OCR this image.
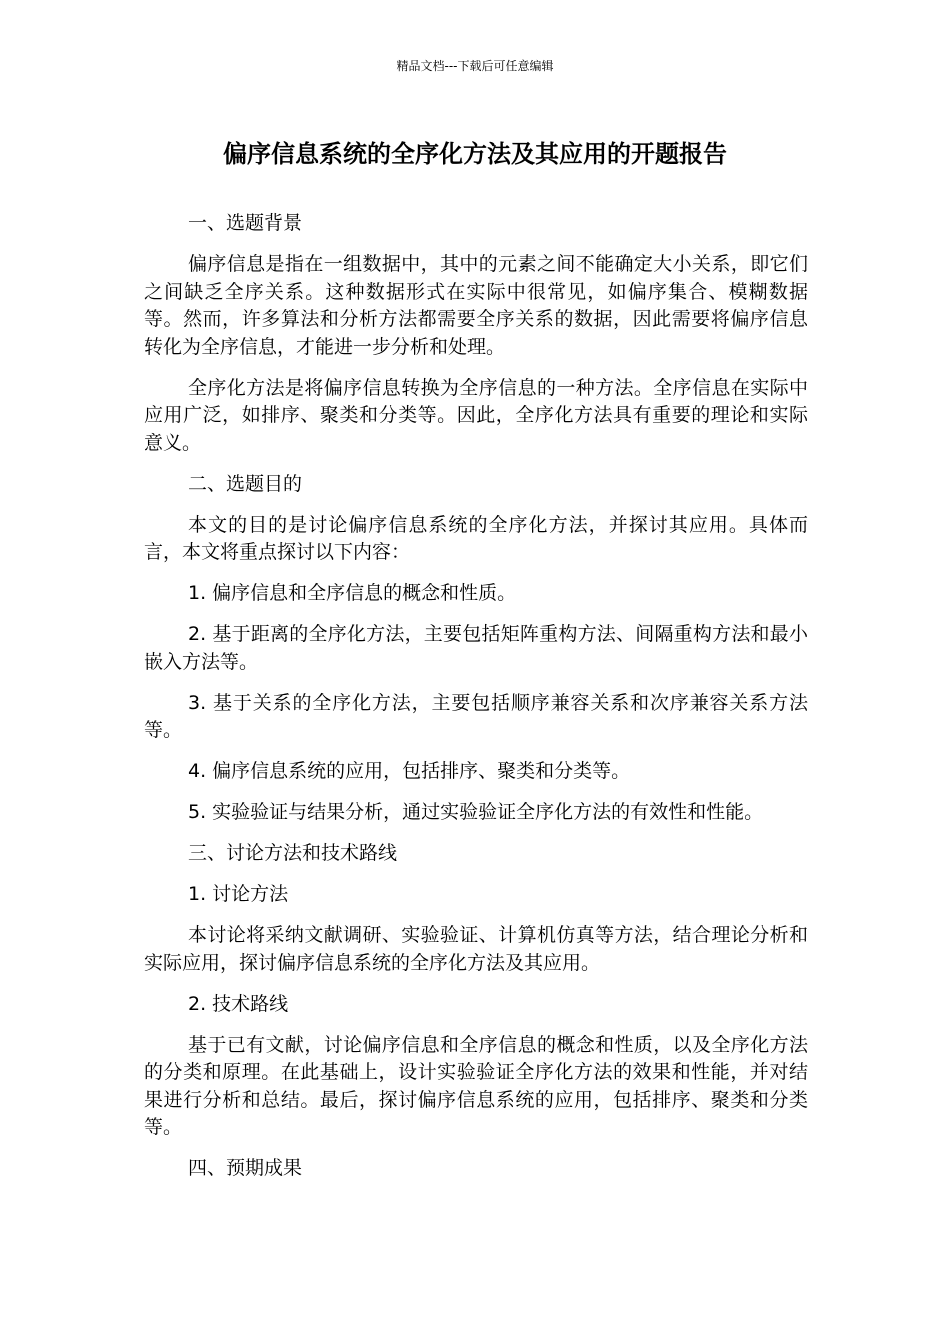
精品文档---下载后可任意编辑
偏序信息系统的全序化方法及其应用的开题报告

一、选题背景

偏序信息是指在一组数据中，其中的元素之间不能确定大小关系，即它们之间缺乏全序关系。这种数据形式在实际中很常见，如偏序集合、模糊数据等。然而，许多算法和分析方法都需要全序关系的数据，因此需要将偏序信息转化为全序信息，才能进一步分析和处理。

全序化方法是将偏序信息转换为全序信息的一种方法。全序信息在实际中应用广泛，如排序、聚类和分类等。因此，全序化方法具有重要的理论和实际意义。

二、选题目的

本文的目的是讨论偏序信息系统的全序化方法，并探讨其应用。具体而言，本文将重点探讨以下内容：

1. 偏序信息和全序信息的概念和性质。

2. 基于距离的全序化方法，主要包括矩阵重构方法、间隔重构方法和最小嵌入方法等。

3. 基于关系的全序化方法，主要包括顺序兼容关系和次序兼容关系方法等。

4. 偏序信息系统的应用，包括排序、聚类和分类等。

5. 实验验证与结果分析，通过实验验证全序化方法的有效性和性能。

三、讨论方法和技术路线

1. 讨论方法

本讨论将采纳文献调研、实验验证、计算机仿真等方法，结合理论分析和实际应用，探讨偏序信息系统的全序化方法及其应用。

2. 技术路线

基于已有文献，讨论偏序信息和全序信息的概念和性质，以及全序化方法的分类和原理。在此基础上，设计实验验证全序化方法的效果和性能，并对结果进行分析和总结。最后，探讨偏序信息系统的应用，包括排序、聚类和分类等。

四、预期成果
